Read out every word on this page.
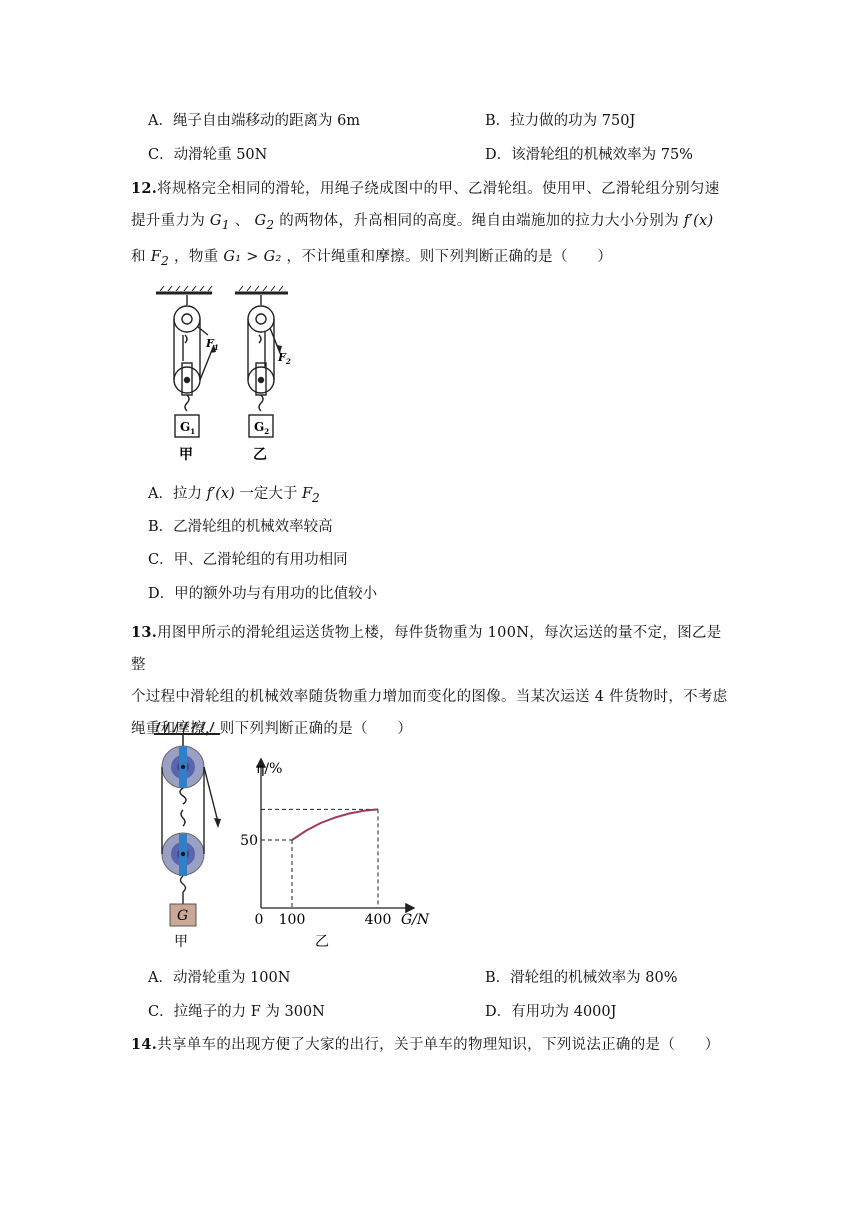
A．绳子自由端移动的距离为 6m	B．拉力做的功为 750J
C．动滑轮重 50N	D．该滑轮组的机械效率为 75%
12.将规格完全相同的滑轮，用绳子绕成图中的甲、乙滑轮组。使用甲、乙滑轮组分别匀速
提升重力为 $G_1$ 、 $G_2$ 的两物体，升高相同的高度。绳自由端施加的拉力大小分别为 f′(x)
和 $F_2$ ，物重 G₁ > G₂ ，不计绳重和摩擦。则下列判断正确的是（　　）
$F_1$
$F_2$
$G_1$	$G_2$
甲	乙
A．拉力 f′(x) 一定大于 $F_2$
B．乙滑轮组的机械效率较高
C．甲、乙滑轮组的有用功相同
D．甲的额外功与有用功的比值较小
13.用图甲所示的滑轮组运送货物上楼，每件货物重为 100N，每次运送的量不定，图乙是整
个过程中滑轮组的机械效率随货物重力增加而变化的图像。当某次运送 4 件货物时，不考虑
绳重和摩擦，则下列判断正确的是（　　）
G
甲
0 100	400
50
η/%
G/N
乙
A．动滑轮重为 100N	B．滑轮组的机械效率为 80%
C．拉绳子的力 F 为 300N	D．有用功为 4000J
14.共享单车的出现方便了大家的出行，关于单车的物理知识，下列说法正确的是（　　）
